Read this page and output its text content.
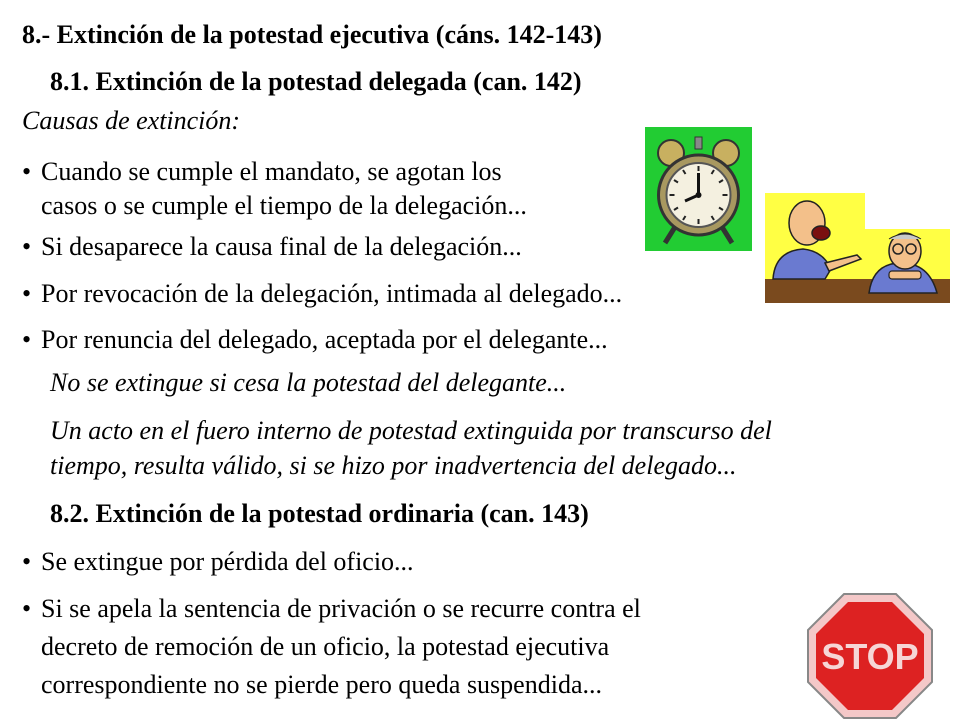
8.- Extinción de la potestad ejecutiva (cáns. 142-143)
8.1. Extinción de la potestad delegada (can. 142)
Causas de extinción:
• Cuando se cumple el mandato, se agotan los
casos o se cumple el tiempo de la delegación...
• Si desaparece la causa final de la delegación...
• Por revocación de la delegación, intimada al delegado...
• Por renuncia del delegado, aceptada por el delegante...
No se extingue si cesa la potestad del delegante...
Un acto en el fuero interno de potestad extinguida por transcurso del
tiempo, resulta válido, si se hizo por inadvertencia del delegado...
8.2. Extinción de la potestad ordinaria (can. 143)
• Se extingue por pérdida del oficio...
• Si se apela la sentencia de privación o se recurre contra el
decreto de remoción de un oficio, la potestad ejecutiva
correspondiente no se pierde pero queda suspendida...
STOP
